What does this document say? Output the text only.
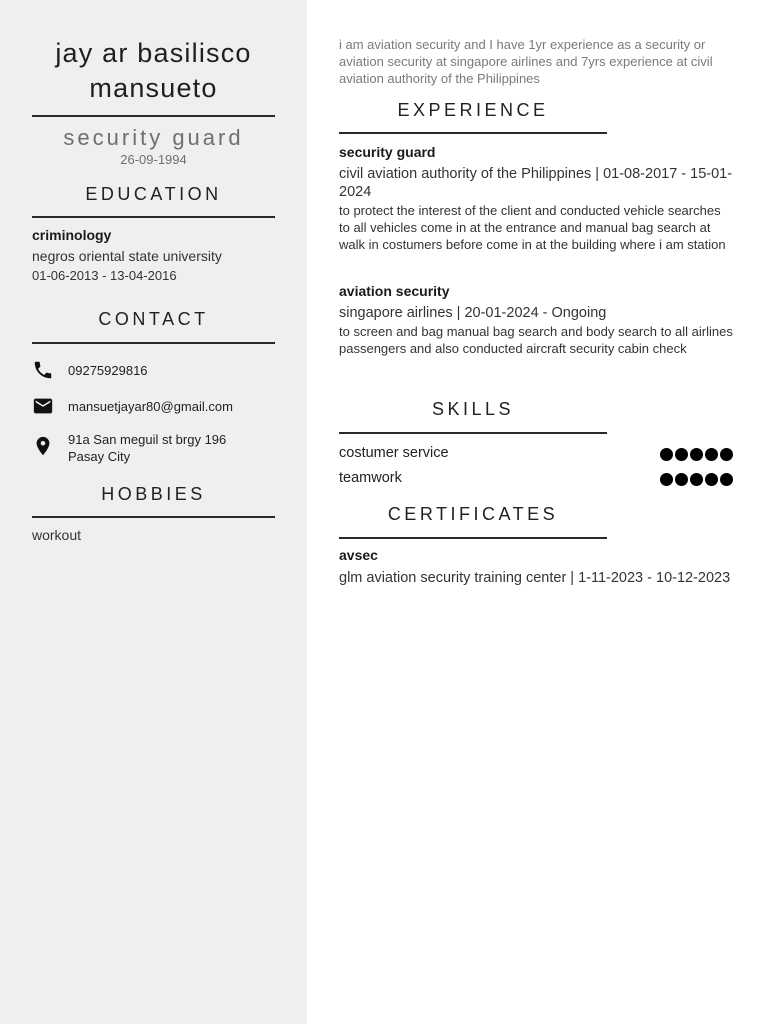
jay ar basilisco mansueto
security guard
26-09-1994
EDUCATION
criminology
negros oriental state university
01-06-2013 - 13-04-2016
CONTACT
09275929816
mansuetjayar80@gmail.com
91a San meguil st brgy 196
Pasay City
HOBBIES
workout
i am aviation security and I have 1yr experience as a security or aviation security at singapore airlines and 7yrs experience at civil aviation authority of the Philippines
EXPERIENCE
security guard
civil aviation authority of the Philippines | 01-08-2017 - 15-01-2024
to protect the interest of the client and conducted vehicle searches to all vehicles come in at the entrance and manual bag search at walk in costumers before come in at the building where i am station
aviation security
singapore airlines | 20-01-2024 - Ongoing
to screen and bag manual bag search and body search to all airlines passengers and also conducted aircraft security cabin check
SKILLS
costumer service
teamwork
CERTIFICATES
avsec
glm aviation security training center | 1-11-2023 - 10-12-2023
